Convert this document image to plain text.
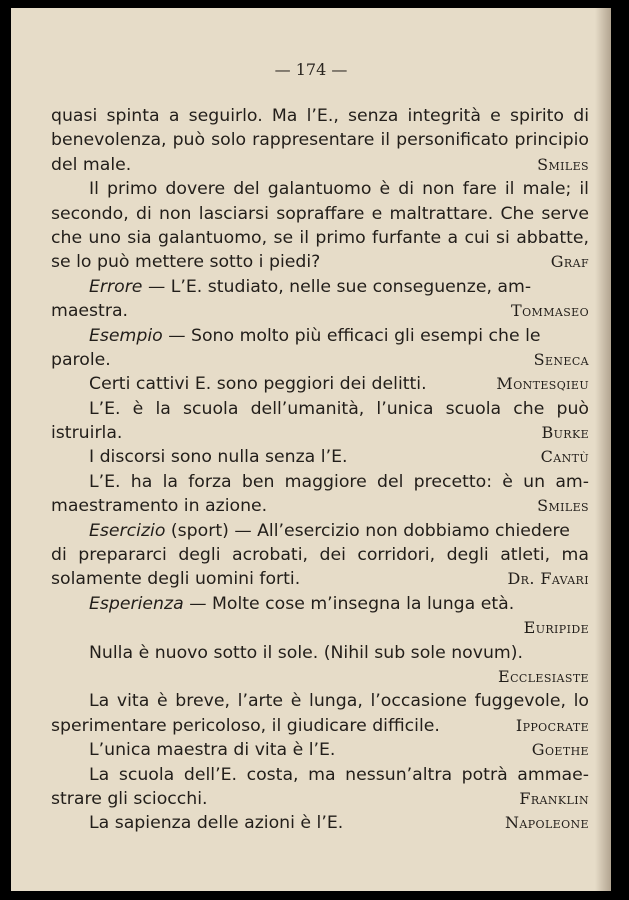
— 174 —
quasi spinta a seguirlo. Ma l’E., senza integrità e spirito di
benevolenza, può solo rappresentare il personificato principio
del male.	Smiles
Il primo dovere del galantuomo è di non fare il male; il
secondo, di non lasciarsi sopraffare e maltrattare. Che serve
che uno sia galantuomo, se il primo furfante a cui si abbatte,
se lo può mettere sotto i piedi?	Graf
Errore — L’E. studiato, nelle sue conseguenze, am-
maestra.	Tommaseo
Esempio — Sono molto più efficaci gli esempi che le
parole.	Seneca
Certi cattivi E. sono peggiori dei delitti.	Montesqieu
L’E. è la scuola dell’umanità, l’unica scuola che può
istruirla.	Burke
I discorsi sono nulla senza l’E.	Cantù
L’E. ha la forza ben maggiore del precetto: è un am-
maestramento in azione.	Smiles
Esercizio (sport) — All’esercizio non dobbiamo chiedere
di prepararci degli acrobati, dei corridori, degli atleti, ma
solamente degli uomini forti.	Dr. Favari
Esperienza — Molte cose m’insegna la lunga età.
Euripide
Nulla è nuovo sotto il sole. (Nihil sub sole novum).
Ecclesiaste
La vita è breve, l’arte è lunga, l’occasione fuggevole, lo
sperimentare pericoloso, il giudicare difficile.	Ippocrate
L’unica maestra di vita è l’E.	Goethe
La scuola dell’E. costa, ma nessun’altra potrà ammae-
strare gli sciocchi.	Franklin
La sapienza delle azioni è l’E.	Napoleone
